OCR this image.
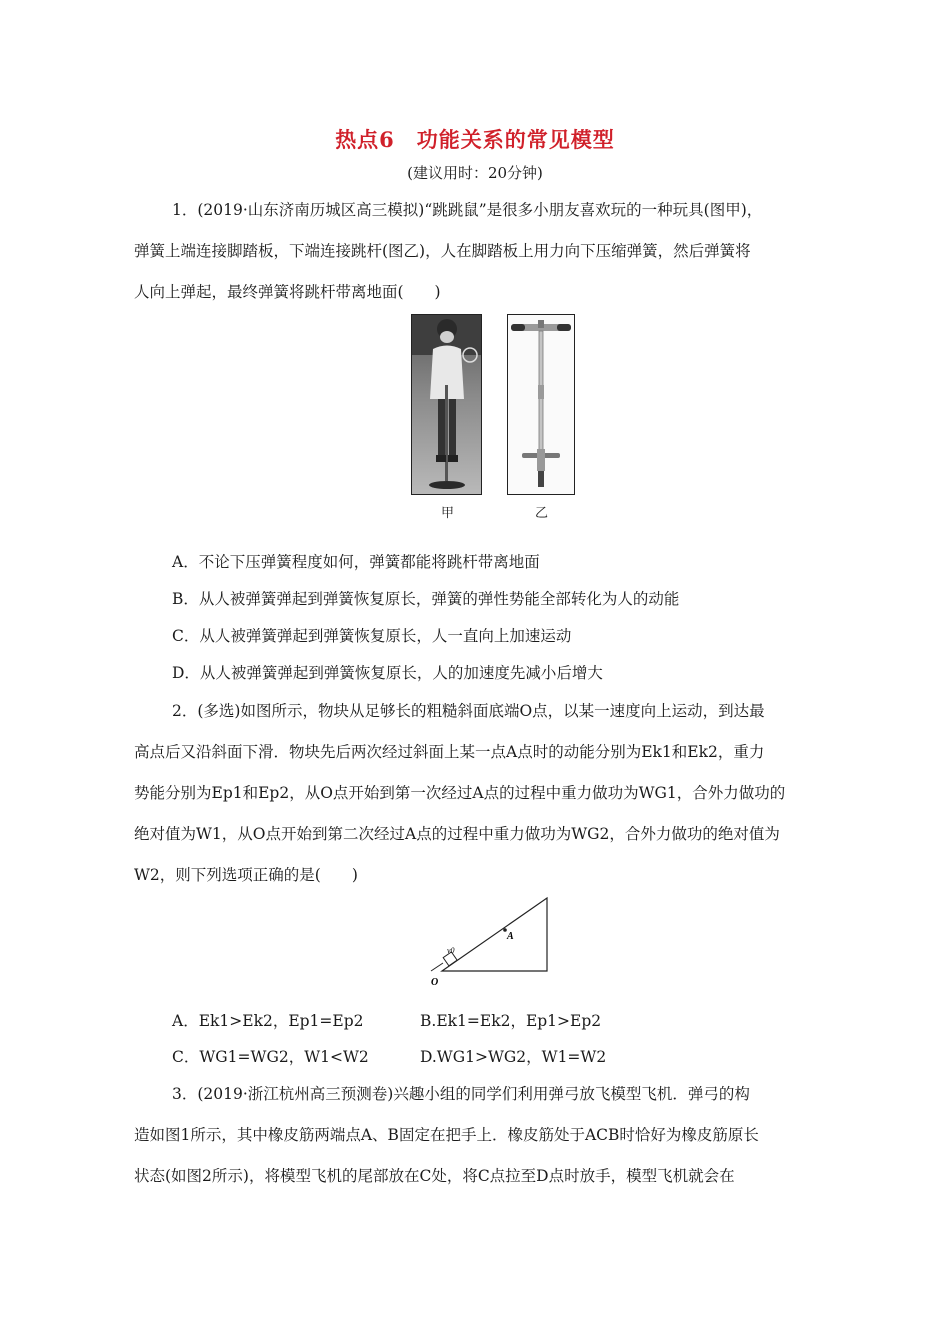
热点6　功能关系的常见模型
(建议用时：20分钟)
1．(2019·山东济南历城区高三模拟)“跳跳鼠”是很多小朋友喜欢玩的一种玩具(图甲)，
弹簧上端连接脚踏板，下端连接跳杆(图乙)，人在脚踏板上用力向下压缩弹簧，然后弹簧将
人向上弹起，最终弹簧将跳杆带离地面(　　)
甲	乙
A．不论下压弹簧程度如何，弹簧都能将跳杆带离地面
B．从人被弹簧弹起到弹簧恢复原长，弹簧的弹性势能全部转化为人的动能
C．从人被弹簧弹起到弹簧恢复原长，人一直向上加速运动
D．从人被弹簧弹起到弹簧恢复原长，人的加速度先减小后增大
2．(多选)如图所示，物块从足够长的粗糙斜面底端O点，以某一速度向上运动，到达最
高点后又沿斜面下滑．物块先后两次经过斜面上某一点A点时的动能分别为Ek1和Ek2，重力
势能分别为Ep1和Ep2，从O点开始到第一次经过A点的过程中重力做功为WG1，合外力做功的
绝对值为W1，从O点开始到第二次经过A点的过程中重力做功为WG2，合外力做功的绝对值为
W2，则下列选项正确的是(　　)
A
O
v0
A．Ek1>Ek2，Ep1=Ep2	B.Ek1=Ek2，Ep1>Ep2
C．WG1=WG2，W1<W2	D.WG1>WG2，W1=W2
3．(2019·浙江杭州高三预测卷)兴趣小组的同学们利用弹弓放飞模型飞机．弹弓的构
造如图1所示，其中橡皮筋两端点A、B固定在把手上．橡皮筋处于ACB时恰好为橡皮筋原长
状态(如图2所示)，将模型飞机的尾部放在C处，将C点拉至D点时放手，模型飞机就会在
